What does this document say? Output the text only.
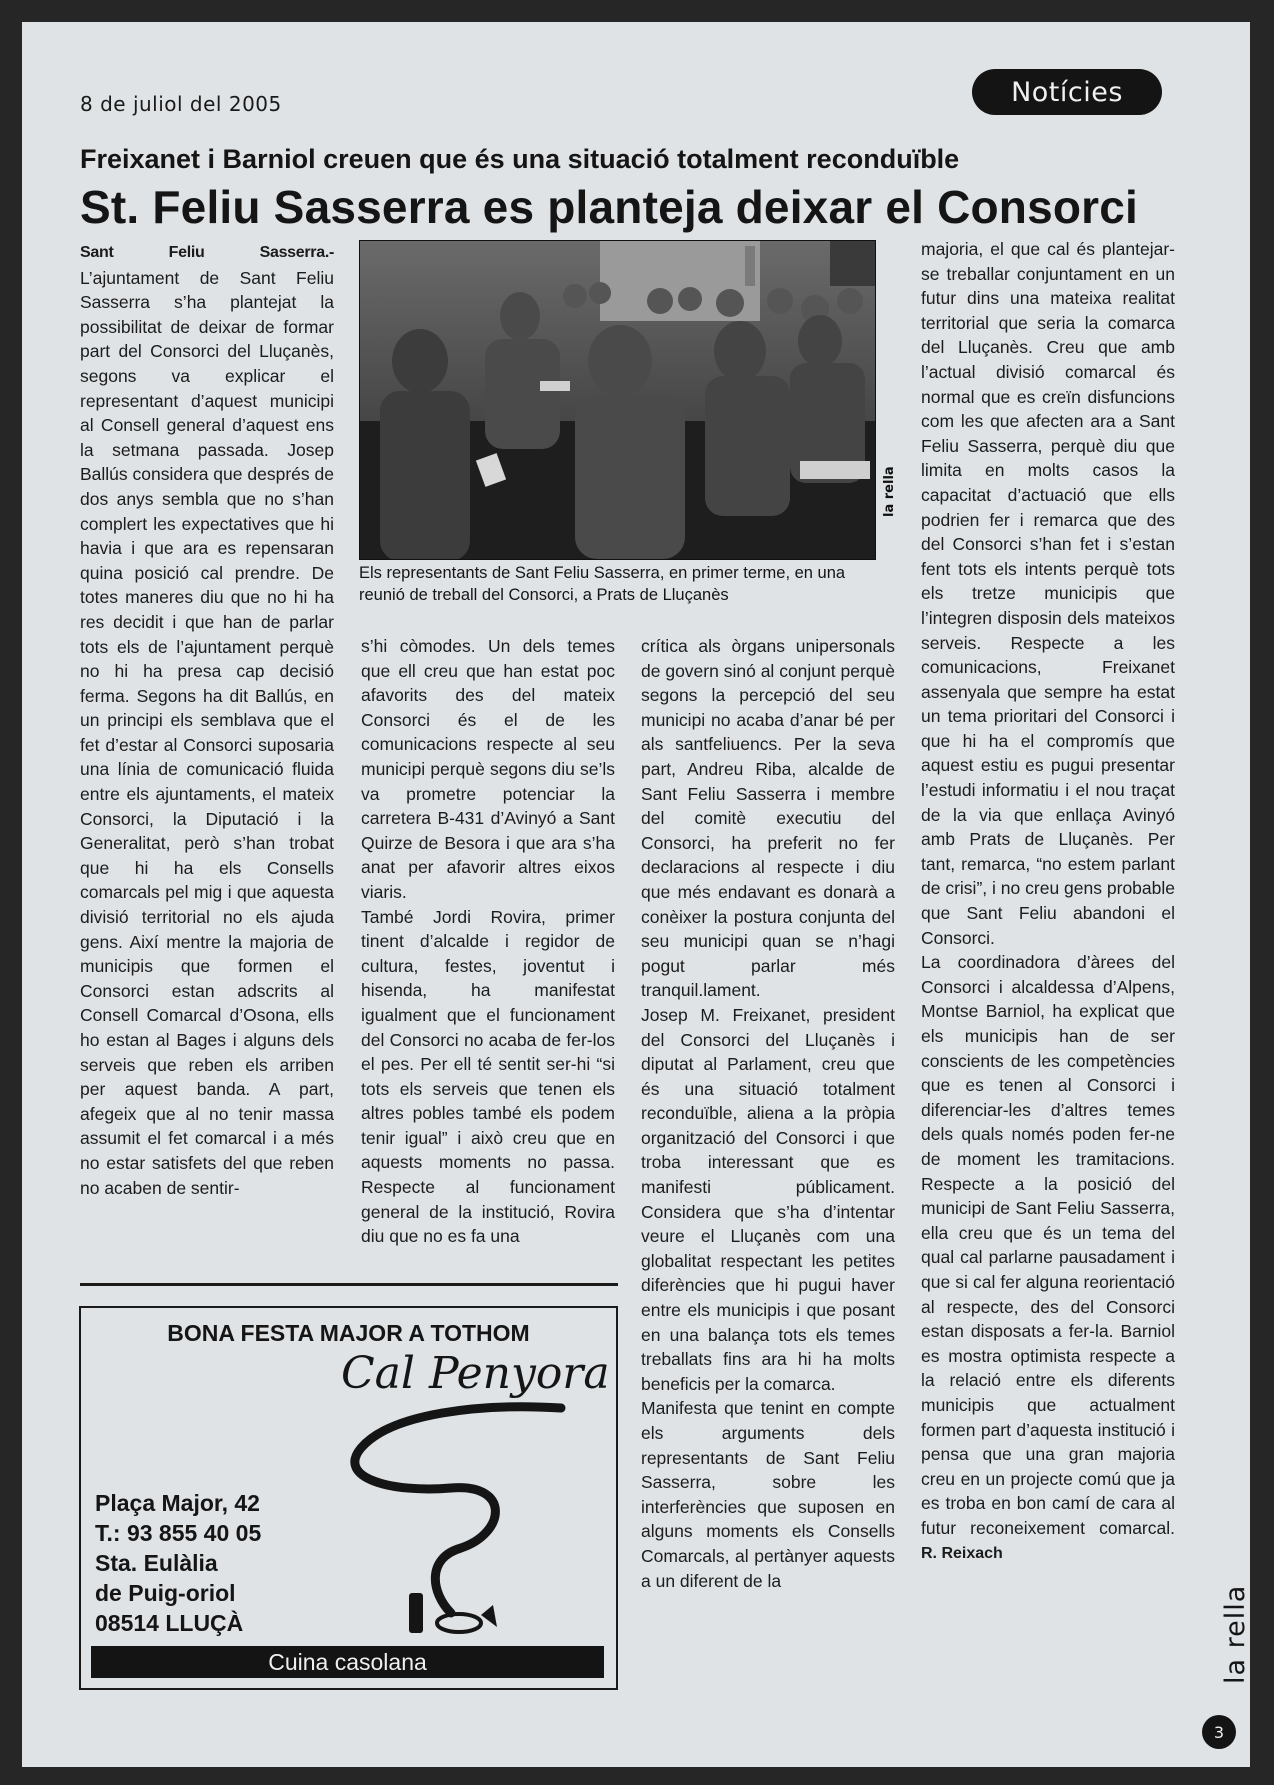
8 de juliol del 2005	Notícies
Freixanet i Barniol creuen que és una situació totalment reconduïble
St. Feliu Sasserra es planteja deixar el Consorci

Sant Feliu Sasserra.- L’ajuntament de Sant Feliu Sasserra s’ha plantejat la possibilitat de deixar de formar part del Consorci del Lluçanès, segons va explicar el representant d’aquest municipi al Consell general d’aquest ens la setmana passada. Josep Ballús considera que després de dos anys sembla que no s’han complert les expectatives que hi havia i que ara es repensaran quina posició cal prendre. De totes maneres diu que no hi ha res decidit i que han de parlar tots els de l’ajuntament perquè no hi ha presa cap decisió ferma. Segons ha dit Ballús, en un principi els semblava que el fet d’estar al Consorci suposaria una línia de comunicació fluida entre els ajuntaments, el mateix Consorci, la Diputació i la Generalitat, però s’han trobat que hi ha els Consells comarcals pel mig i que aquesta divisió territorial no els ajuda gens. Així mentre la majoria de municipis que formen el Consorci estan adscrits al Consell Comarcal d’Osona, ells ho estan al Bages i alguns dels serveis que reben els arriben per aquest banda. A part, afegeix que al no tenir massa assumit el fet comarcal i a més no estar satisfets del que reben no acaben de sentir-

la rella
Els representants de Sant Feliu Sasserra, en primer terme, en una reunió de treball del Consorci, a Prats de Lluçanès

s’hi còmodes. Un dels temes que ell creu que han estat poc afavorits des del mateix Consorci és el de les comunicacions respecte al seu municipi perquè segons diu se’ls va prometre potenciar la carretera B-431 d’Avinyó a Sant Quirze de Besora i que ara s’ha anat per afavorir altres eixos viaris.

També Jordi Rovira, primer tinent d’alcalde i regidor de cultura, festes, joventut i hisenda, ha manifestat igualment que el funcionament del Consorci no acaba de fer-los el pes. Per ell té sentit ser-hi “si tots els serveis que tenen els altres pobles també els podem tenir igual” i això creu que en aquests moments no passa. Respecte al funcionament general de la institució, Rovira diu que no es fa una

crítica als òrgans unipersonals de govern sinó al conjunt perquè segons la percepció del seu municipi no acaba d’anar bé per als santfeliuencs. Per la seva part, Andreu Riba, alcalde de Sant Feliu Sasserra i membre del comitè executiu del Consorci, ha preferit no fer declaracions al respecte i diu que més endavant es donarà a conèixer la postura conjunta del seu municipi quan se n’hagi pogut parlar més tranquil.lament.

Josep M. Freixanet, president del Consorci del Lluçanès i diputat al Parlament, creu que és una situació totalment reconduïble, aliena a la pròpia organització del Consorci i que troba interessant que es manifesti públicament. Considera que s’ha d’intentar veure el Lluçanès com una globalitat respectant les petites diferències que hi pugui haver entre els municipis i que posant en una balança tots els temes treballats fins ara hi ha molts beneficis per la comarca.

Manifesta que tenint en compte els arguments dels representants de Sant Feliu Sasserra, sobre les interferències que suposen en alguns moments els Consells Comarcals, al pertànyer aquests a un diferent de la

majoria, el que cal és plantejar-se treballar conjuntament en un futur dins una mateixa realitat territorial que seria la comarca del Lluçanès. Creu que amb l’actual divisió comarcal és normal que es creïn disfuncions com les que afecten ara a Sant Feliu Sasserra, perquè diu que limita en molts casos la capacitat d’actuació que ells podrien fer i remarca que des del Consorci s’han fet i s’estan fent tots els intents perquè tots els tretze municipis que l’integren disposin dels mateixos serveis. Respecte a les comunicacions, Freixanet assenyala que sempre ha estat un tema prioritari del Consorci i que hi ha el compromís que aquest estiu es pugui presentar l’estudi informatiu i el nou traçat de la via que enllaça Avinyó amb Prats de Lluçanès. Per tant, remarca, “no estem parlant de crisi”, i no creu gens probable que Sant Feliu abandoni el Consorci.

La coordinadora d’àrees del Consorci i alcaldessa d’Alpens, Montse Barniol, ha explicat que els municipis han de ser conscients de les competències que es tenen al Consorci i diferenciar-les d’altres temes dels quals només poden fer-ne de moment les tramitacions. Respecte a la posició del municipi de Sant Feliu Sasserra, ella creu que és un tema del qual cal parlarne pausadament i que si cal fer alguna reorientació al respecte, des del Consorci estan disposats a fer-la. Barniol es mostra optimista respecte a la relació entre els diferents municipis que actualment formen part d’aquesta institució i pensa que una gran majoria creu en un projecte comú que ja es troba en bon camí de cara al futur reconeixement comarcal. R. Reixach

BONA FESTA MAJOR A TOTHOM
Cal Penyora
Plaça Major, 42
T.: 93 855 40 05
Sta. Eulàlia
de Puig-oriol
08514 LLUÇÀ
Cuina casolana	la rella
3
